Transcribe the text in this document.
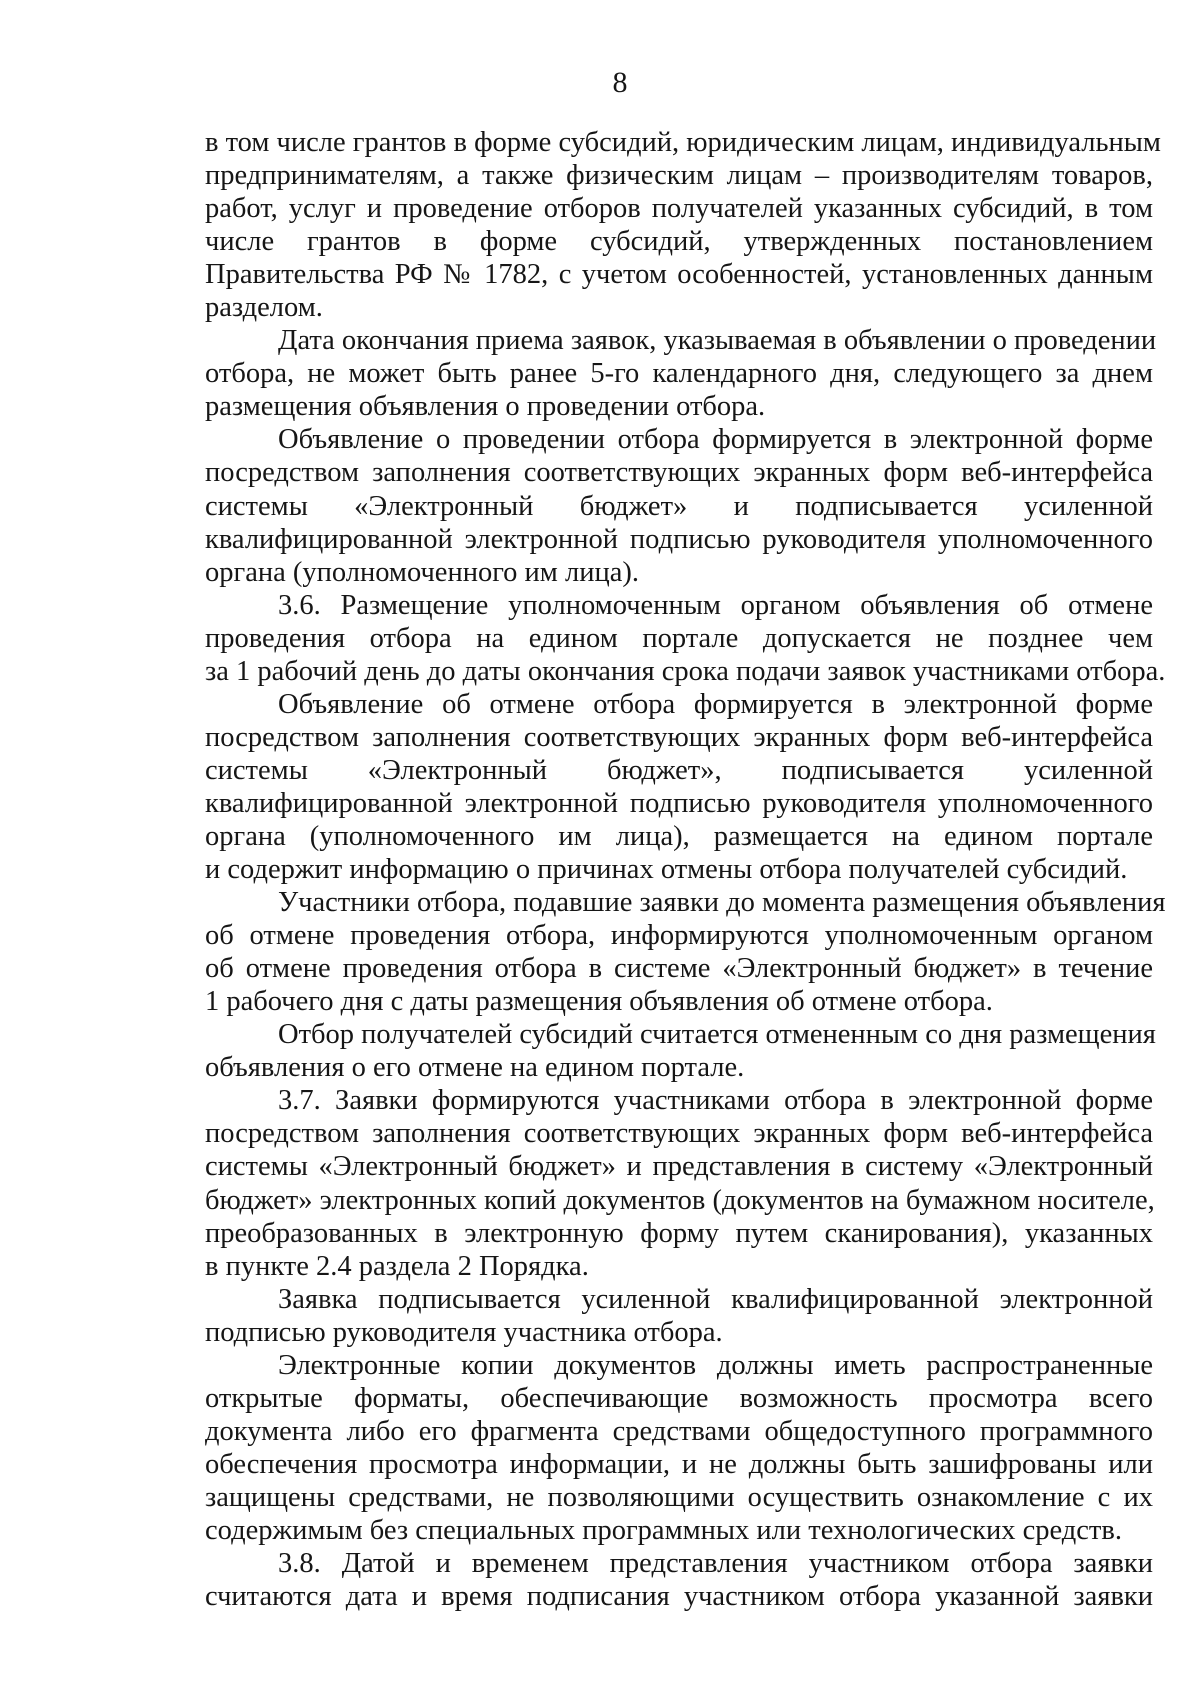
8
в том числе грантов в форме субсидий, юридическим лицам, индивидуальным
предпринимателям, а также физическим лицам – производителям товаров,
работ, услуг и проведение отборов получателей указанных субсидий, в том
числе грантов в форме субсидий, утвержденных постановлением
Правительства РФ № 1782, с учетом особенностей, установленных данным
разделом.
Дата окончания приема заявок, указываемая в объявлении о проведении
отбора, не может быть ранее 5-го календарного дня, следующего за днем
размещения объявления о проведении отбора.
Объявление о проведении отбора формируется в электронной форме
посредством заполнения соответствующих экранных форм веб-интерфейса
системы «Электронный бюджет» и подписывается усиленной
квалифицированной электронной подписью руководителя уполномоченного
органа (уполномоченного им лица).
3.6. Размещение уполномоченным органом объявления об отмене
проведения отбора на едином портале допускается не позднее чем
за 1 рабочий день до даты окончания срока подачи заявок участниками отбора.
Объявление об отмене отбора формируется в электронной форме
посредством заполнения соответствующих экранных форм веб-интерфейса
системы «Электронный бюджет», подписывается усиленной
квалифицированной электронной подписью руководителя уполномоченного
органа (уполномоченного им лица), размещается на едином портале
и содержит информацию о причинах отмены отбора получателей субсидий.
Участники отбора, подавшие заявки до момента размещения объявления
об отмене проведения отбора, информируются уполномоченным органом
об отмене проведения отбора в системе «Электронный бюджет» в течение
1 рабочего дня с даты размещения объявления об отмене отбора.
Отбор получателей субсидий считается отмененным со дня размещения
объявления о его отмене на едином портале.
3.7. Заявки формируются участниками отбора в электронной форме
посредством заполнения соответствующих экранных форм веб-интерфейса
системы «Электронный бюджет» и представления в систему «Электронный
бюджет» электронных копий документов (документов на бумажном носителе,
преобразованных в электронную форму путем сканирования), указанных
в пункте 2.4 раздела 2 Порядка.
Заявка подписывается усиленной квалифицированной электронной
подписью руководителя участника отбора.
Электронные копии документов должны иметь распространенные
открытые форматы, обеспечивающие возможность просмотра всего
документа либо его фрагмента средствами общедоступного программного
обеспечения просмотра информации, и не должны быть зашифрованы или
защищены средствами, не позволяющими осуществить ознакомление с их
содержимым без специальных программных или технологических средств.
3.8. Датой и временем представления участником отбора заявки
считаются дата и время подписания участником отбора указанной заявки
